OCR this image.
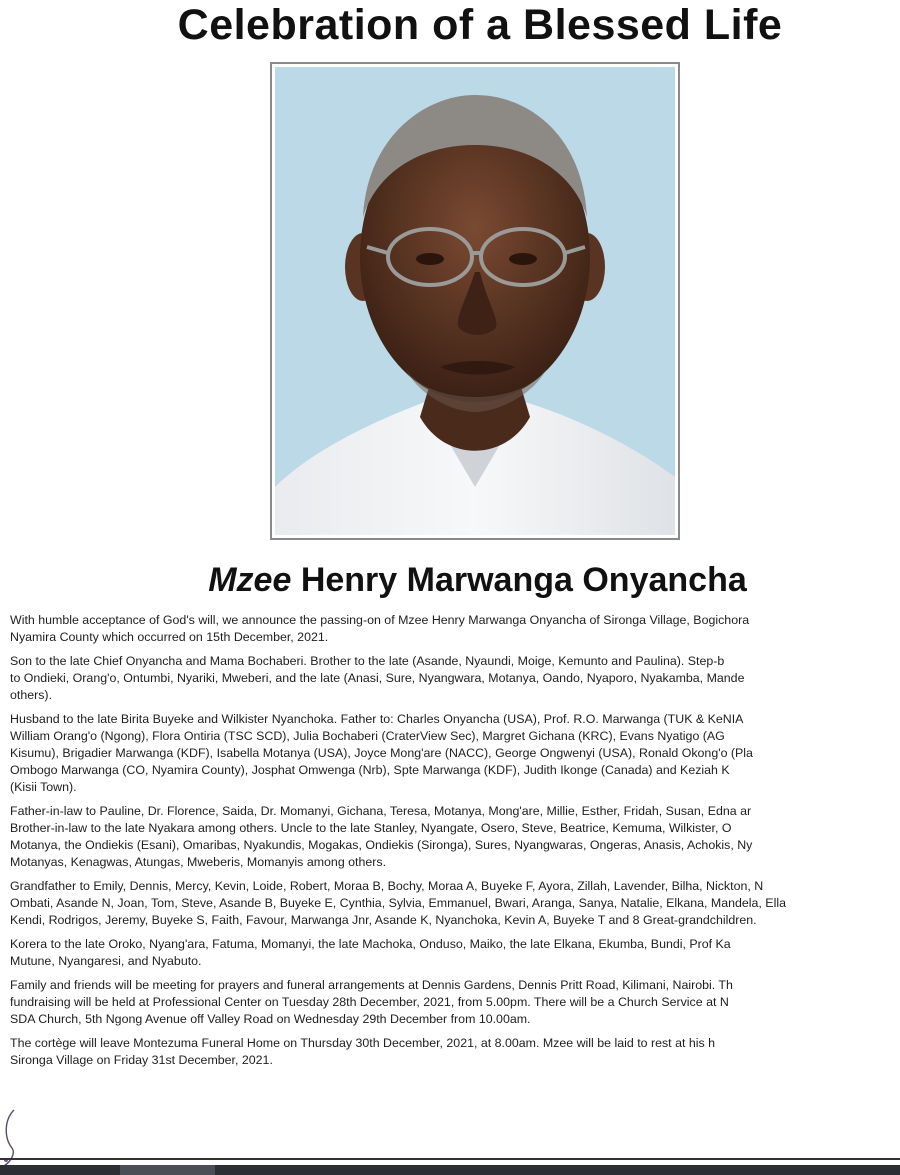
Celebration of a Blessed Life
Mzee Henry Marwanga Onyancha

With humble acceptance of God's will, we announce the passing-on of Mzee Henry Marwanga Onyancha of Sironga Village, Bogichora
Nyamira County which occurred on 15th December, 2021.

Son to the late Chief Onyancha and Mama Bochaberi. Brother to the late (Asande, Nyaundi, Moige, Kemunto and Paulina). Step-b
to Ondieki, Orang'o, Ontumbi, Nyariki, Mweberi, and the late (Anasi, Sure, Nyangwara, Motanya, Oando, Nyaporo, Nyakamba, Mande
others).

Husband to the late Birita Buyeke and Wilkister Nyanchoka. Father to: Charles Onyancha (USA), Prof. R.O. Marwanga (TUK & KeNIA
William Orang'o (Ngong), Flora Ontiria (TSC SCD), Julia Bochaberi (CraterView Sec), Margret Gichana (KRC), Evans Nyatigo (AG
Kisumu), Brigadier Marwanga (KDF), Isabella Motanya (USA), Joyce Mong'are (NACC), George Ongwenyi (USA), Ronald Okong'o (Pla
Ombogo Marwanga (CO, Nyamira County), Josphat Omwenga (Nrb), Spte Marwanga (KDF), Judith Ikonge (Canada) and Keziah K
(Kisii Town).

Father-in-law to Pauline, Dr. Florence, Saida, Dr. Momanyi, Gichana, Teresa, Motanya, Mong'are, Millie, Esther, Fridah, Susan, Edna ar
Brother-in-law to the late Nyakara among others. Uncle to the late Stanley, Nyangate, Osero, Steve, Beatrice, Kemuma, Wilkister, O
Motanya, the Ondiekis (Esani), Omaribas, Nyakundis, Mogakas, Ondiekis (Sironga), Sures, Nyangwaras, Ongeras, Anasis, Achokis, Ny
Motanyas, Kenagwas, Atungas, Mweberis, Momanyis among others.

Grandfather to Emily, Dennis, Mercy, Kevin, Loide, Robert, Moraa B, Bochy, Moraa A, Buyeke F, Ayora, Zillah, Lavender, Bilha, Nickton, N
Ombati, Asande N, Joan, Tom, Steve, Asande B, Buyeke E, Cynthia, Sylvia, Emmanuel, Bwari, Aranga, Sanya, Natalie, Elkana, Mandela, Ella
Kendi, Rodrigos, Jeremy, Buyeke S, Faith, Favour, Marwanga Jnr, Asande K, Nyanchoka, Kevin A, Buyeke T and 8 Great-grandchildren.

Korera to the late Oroko, Nyang'ara, Fatuma, Momanyi, the late Machoka, Onduso, Maiko, the late Elkana, Ekumba, Bundi, Prof Ka
Mutune, Nyangaresi, and Nyabuto.

Family and friends will be meeting for prayers and funeral arrangements at Dennis Gardens, Dennis Pritt Road, Kilimani, Nairobi. Th
fundraising will be held at Professional Center on Tuesday 28th December, 2021, from 5.00pm. There will be a Church Service at N
SDA Church, 5th Ngong Avenue off Valley Road on Wednesday 29th December from 10.00am.

The cortège will leave Montezuma Funeral Home on Thursday 30th December, 2021, at 8.00am. Mzee will be laid to rest at his h
Sironga Village on Friday 31st December, 2021.
